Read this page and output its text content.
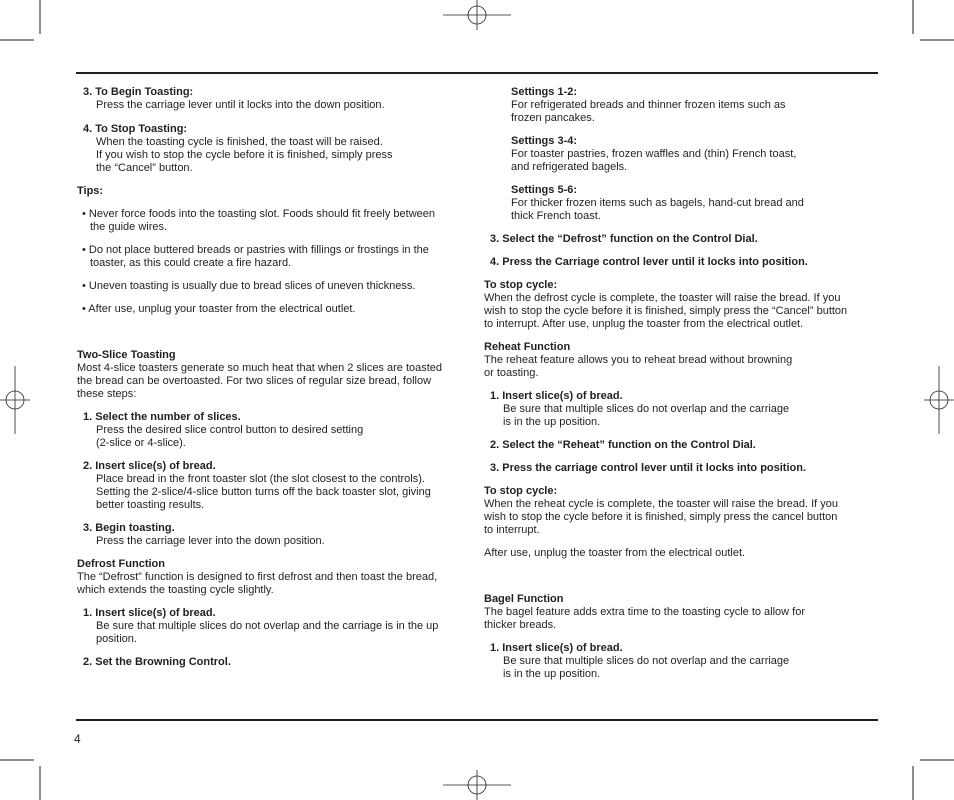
3. To Begin Toasting:

Press the carriage lever until it locks into the down position.

4. To Stop Toasting:

When the toasting cycle is finished, the toast will be raised.

If you wish to stop the cycle before it is finished, simply press

the “Cancel” button.

Tips:

• Never force foods into the toasting slot. Foods should fit freely between

the guide wires.

• Do not place buttered breads or pastries with fillings or frostings in the

toaster, as this could create a fire hazard.

• Uneven toasting is usually due to bread slices of uneven thickness.

• After use, unplug your toaster from the electrical outlet.

Two-Slice Toasting

Most 4-slice toasters generate so much heat that when 2 slices are toasted

the bread can be overtoasted. For two slices of regular size bread, follow

these steps:

1. Select the number of slices.

Press the desired slice control button to desired setting

(2-slice or 4-slice).

2. Insert slice(s) of bread.

Place bread in the front toaster slot (the slot closest to the controls).

Setting the 2-slice/4-slice button turns off the back toaster slot, giving

better toasting results.

3. Begin toasting.

Press the carriage lever into the down position.

Defrost Function

The “Defrost” function is designed to first defrost and then toast the bread,

which extends the toasting cycle slightly.

1. Insert slice(s) of bread.

Be sure that multiple slices do not overlap and the carriage is in the up

position.

2. Set the Browning Control.

Settings 1-2:

For refrigerated breads and thinner frozen items such as

frozen pancakes.

Settings 3-4:

For toaster pastries, frozen waffles and (thin) French toast,

and refrigerated bagels.

Settings 5-6:

For thicker frozen items such as bagels, hand-cut bread and

thick French toast.

3. Select the “Defrost” function on the Control Dial.

4. Press the Carriage control lever until it locks into position.

To stop cycle:

When the defrost cycle is complete, the toaster will raise the bread. If you

wish to stop the cycle before it is finished, simply press the “Cancel” button

to interrupt. After use, unplug the toaster from the electrical outlet.

Reheat Function

The reheat feature allows you to reheat bread without browning

or toasting.

1. Insert slice(s) of bread.

Be sure that multiple slices do not overlap and the carriage

is in the up position.

2. Select the “Reheat” function on the Control Dial.

3. Press the carriage control lever until it locks into position.

To stop cycle:

When the reheat cycle is complete, the toaster will raise the bread. If you

wish to stop the cycle before it is finished, simply press the cancel button

to interrupt.

After use, unplug the toaster from the electrical outlet.

Bagel Function

The bagel feature adds extra time to the toasting cycle to allow for

thicker breads.

1. Insert slice(s) of bread.

Be sure that multiple slices do not overlap and the carriage

is in the up position.

4
